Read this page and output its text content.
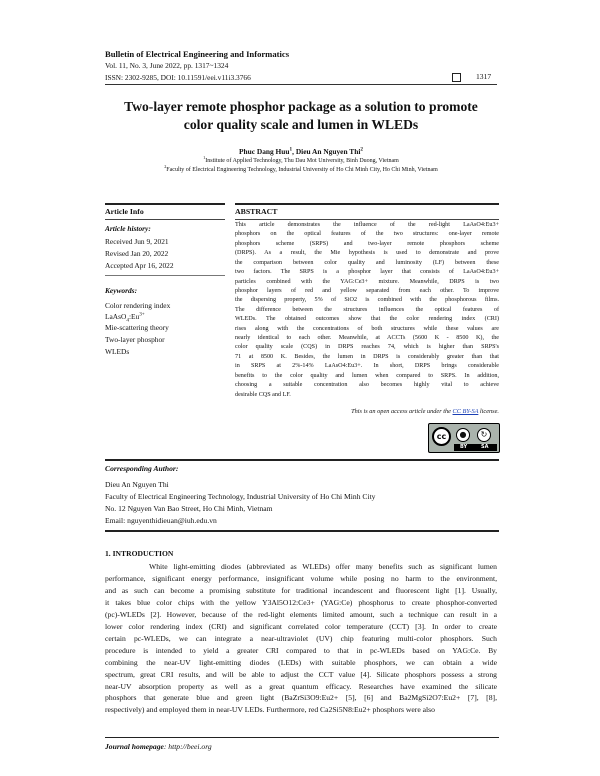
Bulletin of Electrical Engineering and Informatics
Vol. 11, No. 3, June 2022, pp. 1317~1324
ISSN: 2302-9285, DOI: 10.11591/eei.v11i3.3766	1317
Two-layer remote phosphor package as a solution to promote
color quality scale and lumen in WLEDs
Phuc Dang Huu$^1$, Dieu An Nguyen Thi$^2$
$^1$Institute of Applied Technology, Thu Dau Mot University, Binh Duong, Vietnam
$^2$Faculty of Electrical Engineering Technology, Industrial University of Ho Chi Minh City, Ho Chi Minh, Vietnam
Article Info
Article history:
Received Jun 9, 2021
Revised Jan 20, 2022
Accepted Apr 16, 2022
Keywords:
Color rendering index
$LaAsO_4:Eu^{3+}$
Mie-scattering theory
Two-layer phosphor
WLEDs
ABSTRACT
This article demonstrates the influence of the red-light LaAsO4:Eu3+
phosphors on the optical features of the two structures: one-layer remote
phosphors scheme (SRPS) and two-layer remote phosphors scheme
(DRPS). As a result, the Mie hypothesis is used to demonstrate and prove
the comparison between color quality and luminosity (LF) between these
two factors. The SRPS is a phosphor layer that consists of LaAsO4:Eu3+
particles combined with the YAG:Ce3+ mixture. Meanwhile, DRPS is two
phosphor layers of red and yellow separated from each other. To improve
the dispersing property, 5% of SiO2 is combined with the phosphorous films.
The difference between the structures influences the optical features of
WLEDs. The obtained outcomes show that the color rendering index (CRI)
rises along with the concentrations of both structures while these values are
nearly identical to each other. Meanwhile, at ACCTs (5600 K - 8500 K), the
color quality scale (CQS) in DRPS reaches 74, which is higher than SRPS's
71 at 8500 K. Besides, the lumen in DRPS is considerably greater than that
in SRPS at 2%-14% LaAsO4:Eu3+. In short, DRPS brings considerable
benefits to the color quality and lumen when compared to SRPS. In addition,
choosing a suitable concentration also becomes highly vital to achieve
desirable CQS and LF.
This is an open access article under the CC BY-SA license.
cc	●	↻
BY	SA
Corresponding Author:
Dieu An Nguyen Thi
Faculty of Electrical Engineering Technology, Industrial University of Ho Chi Minh City
No. 12 Nguyen Van Bao Street, Ho Chi Minh, Vietnam
Email: nguyenthidieuan@iuh.edu.vn
1. INTRODUCTION
White light-emitting diodes (abbreviated as WLEDs) offer many benefits such as significant lumen
performance, significant energy performance, insignificant volume while posing no harm to the environment,
and as such can become a promising substitute for traditional incandescent and fluorescent light [1]. Usually,
it takes blue color chips with the yellow Y3Al5O12:Ce3+ (YAG:Ce) phosphorus to create phosphor-converted
(pc)-WLEDs [2]. However, because of the red-light elements limited amount, such a technique can result in a
lower color rendering index (CRI) and significant correlated color temperature (CCT) [3]. In order to create
certain pc-WLEDs, we can integrate a near-ultraviolet (UV) chip featuring multi-color phosphors. Such
procedure is intended to yield a greater CRI compared to that in pc-WLEDs based on YAG:Ce. By
combining the near-UV light-emitting diodes (LEDs) with suitable phosphors, we can obtain a wide
spectrum, great CRI results, and will be able to adjust the CCT value [4]. Silicate phosphors possess a strong
near-UV absorption property as well as a great quantum efficacy. Researches have examined the silicate
phosphors that generate blue and green light (BaZrSi3O9:Eu2+ [5], [6] and Ba2MgSi2O7:Eu2+ [7], [8],
respectively) and employed them in near-UV LEDs. Furthermore, red Ca2Si5N8:Eu2+ phosphors were also
Journal homepage: http://beei.org
